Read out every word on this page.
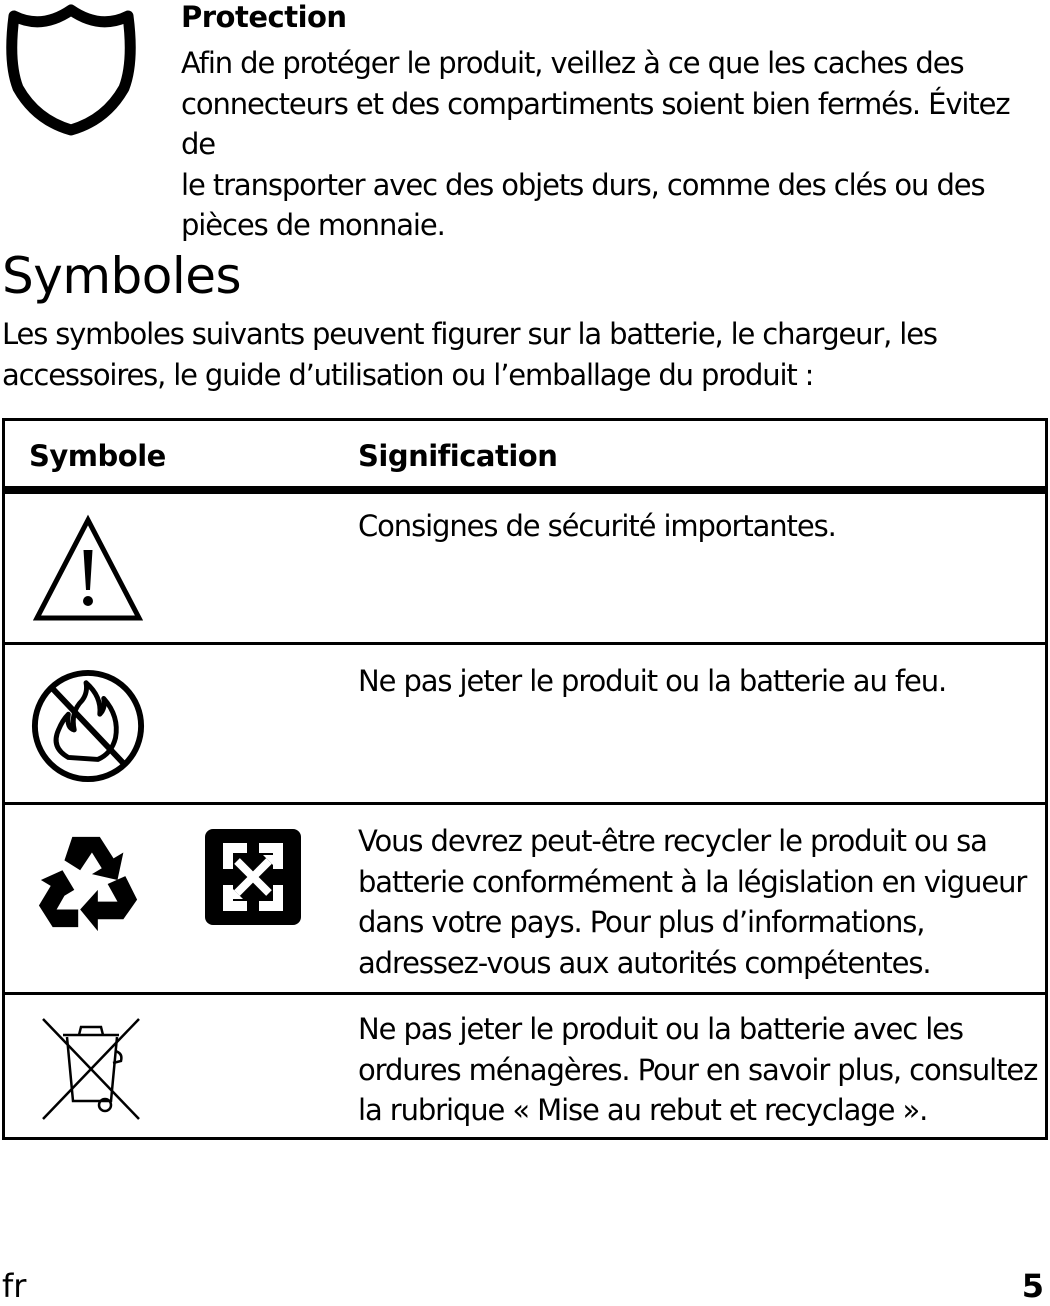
Protection
Afin de protéger le produit, veillez à ce que les caches des
connecteurs et des compartiments soient bien fermés. Évitez de
le transporter avec des objets durs, comme des clés ou des
pièces de monnaie.
Symboles
Les symboles suivants peuvent figurer sur la batterie, le chargeur, les
accessoires, le guide d’utilisation ou l’emballage du produit :
Symbole	Signification
Consignes de sécurité importantes.
Ne pas jeter le produit ou la batterie au feu.
Vous devrez peut-être recycler le produit ou sa
batterie conformément à la législation en vigueur
dans votre pays. Pour plus d’informations,
adressez-vous aux autorités compétentes.
Ne pas jeter le produit ou la batterie avec les
ordures ménagères. Pour en savoir plus, consultez
la rubrique « Mise au rebut et recyclage ».
fr	5
